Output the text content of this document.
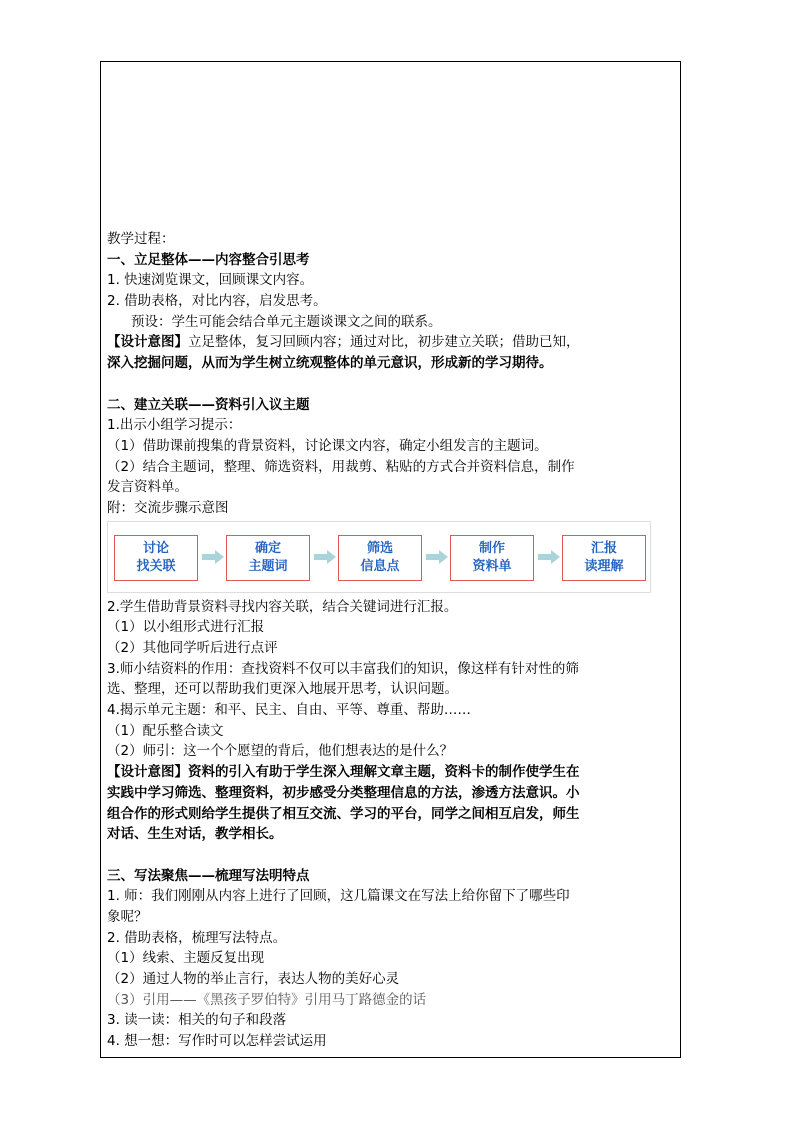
教学过程：
一、立足整体——内容整合引思考
1. 快速浏览课文，回顾课文内容。
2. 借助表格，对比内容，启发思考。
预设：学生可能会结合单元主题谈课文之间的联系。
【设计意图】立足整体，复习回顾内容；通过对比，初步建立关联；借助已知，
深入挖掘问题，从而为学生树立统观整体的单元意识，形成新的学习期待。
二、建立关联——资料引入议主题
1.出示小组学习提示：
（1）借助课前搜集的背景资料，讨论课文内容，确定小组发言的主题词。
（2）结合主题词，整理、筛选资料，用裁剪、粘贴的方式合并资料信息，制作
发言资料单。
附：交流步骤示意图
讨论
找关联
确定
主题词
筛选
信息点
制作
资料单
汇报
读理解
2.学生借助背景资料寻找内容关联，结合关键词进行汇报。
（1）以小组形式进行汇报
（2）其他同学听后进行点评
3.师小结资料的作用：查找资料不仅可以丰富我们的知识，像这样有针对性的筛
选、整理，还可以帮助我们更深入地展开思考，认识问题。
4.揭示单元主题：和平、民主、自由、平等、尊重、帮助……
（1）配乐整合读文
（2）师引：这一个个愿望的背后，他们想表达的是什么？
【设计意图】资料的引入有助于学生深入理解文章主题，资料卡的制作使学生在
实践中学习筛选、整理资料，初步感受分类整理信息的方法，渗透方法意识。小
组合作的形式则给学生提供了相互交流、学习的平台，同学之间相互启发，师生
对话、生生对话，教学相长。
三、写法聚焦——梳理写法明特点
1. 师：我们刚刚从内容上进行了回顾，这几篇课文在写法上给你留下了哪些印
象呢？
2. 借助表格，梳理写法特点。
（1）线索、主题反复出现
（2）通过人物的举止言行，表达人物的美好心灵
（3）引用——《黑孩子罗伯特》引用马丁路德金的话
3. 读一读：相关的句子和段落
4. 想一想：写作时可以怎样尝试运用
